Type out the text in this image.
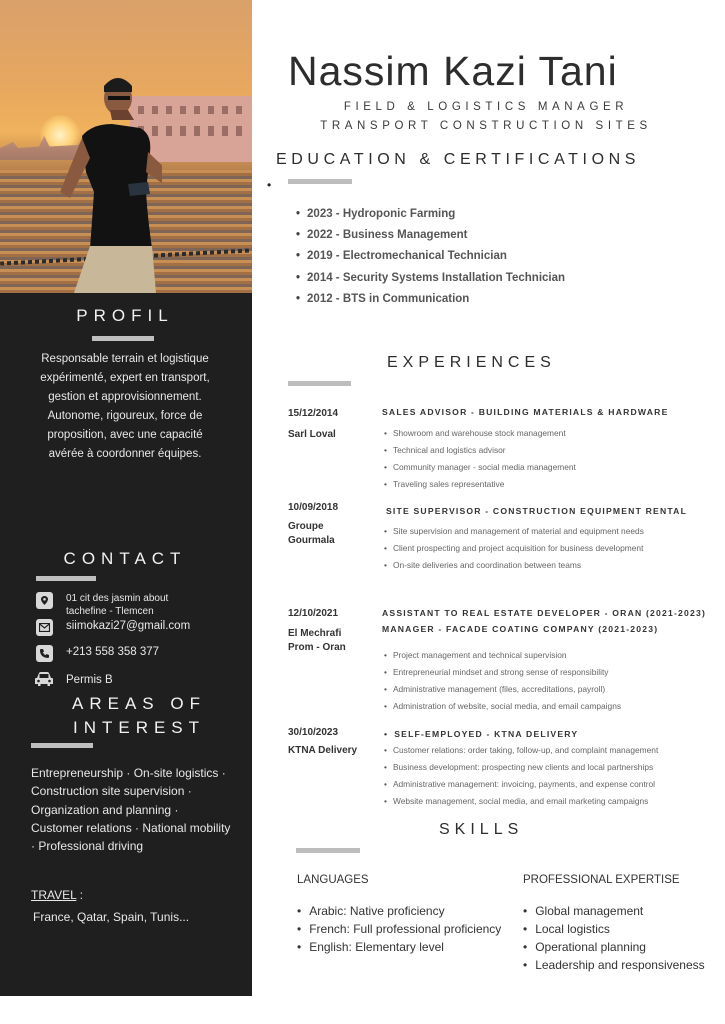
PROFIL
Responsable terrain et logistique expérimenté, expert en transport, gestion et approvisionnement. Autonome, rigoureux, force de proposition, avec une capacité avérée à coordonner équipes.
CONTACT
01 cit des jasmin about tachefine - Tlemcen
siimokazi27@gmail.com
+213 558 358 377
Permis B
AREAS OF
INTEREST
Entrepreneurship · On-site logistics · Construction site supervision · Organization and planning · Customer relations · National mobility · Professional driving
TRAVEL :
France, Qatar, Spain, Tunis...
Nassim Kazi Tani
FIELD & LOGISTICS MANAGER
TRANSPORT CONSTRUCTION SITES
EDUCATION & CERTIFICATIONS
•
• 2023 - Hydroponic Farming
• 2022 - Business Management
• 2019 - Electromechanical Technician
• 2014 - Security Systems Installation Technician
• 2012 - BTS in Communication
EXPERIENCES
15/12/2014
Sarl Loval
SALES ADVISOR - BUILDING MATERIALS & HARDWARE
• Showroom and warehouse stock management
• Technical and logistics advisor
• Community manager - social media management
• Traveling sales representative
10/09/2018
Groupe
Gourmala
SITE SUPERVISOR - CONSTRUCTION EQUIPMENT RENTAL
• Site supervision and management of material and equipment needs
• Client prospecting and project acquisition for business development
• On-site deliveries and coordination between teams
12/10/2021
El Mechrafi
Prom - Oran
ASSISTANT TO REAL ESTATE DEVELOPER - ORAN (2021-2023)
MANAGER - FACADE COATING COMPANY (2021-2023)
• Project management and technical supervision
• Entrepreneurial mindset and strong sense of responsibility
• Administrative management (files, accreditations, payroll)
• Administration of website, social media, and email campaigns
30/10/2023
KTNA Delivery
• SELF-EMPLOYED - KTNA DELIVERY
• Customer relations: order taking, follow-up, and complaint management
• Business development: prospecting new clients and local partnerships
• Administrative management: invoicing, payments, and expense control
• Website management, social media, and email marketing campaigns
SKILLS
LANGUAGES
• Arabic: Native proficiency
• French: Full professional proficiency
• English: Elementary level
PROFESSIONAL EXPERTISE
• Global management
• Local logistics
• Operational planning
• Leadership and responsiveness
